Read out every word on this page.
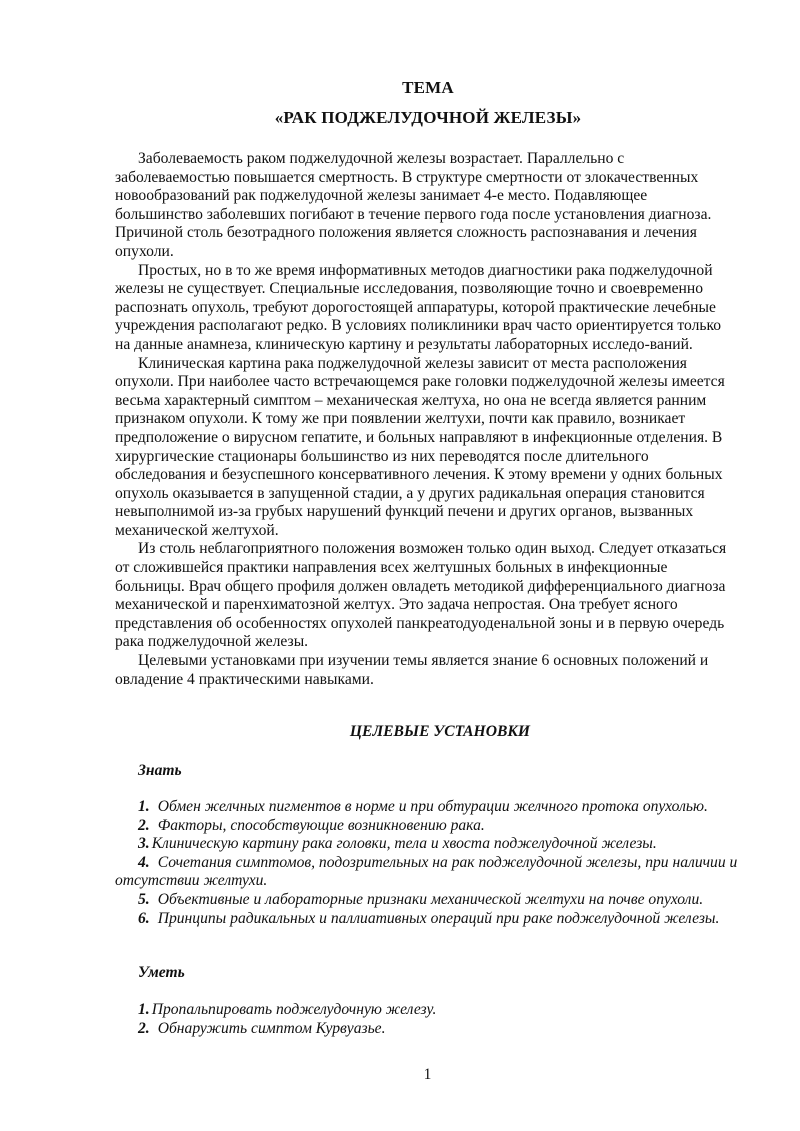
ТЕМА
«РАК ПОДЖЕЛУДОЧНОЙ ЖЕЛЕЗЫ»

Заболеваемость раком поджелудочной железы возрастает. Параллельно с заболеваемостью повышается смертность. В структуре смертности от злокачественных новообразований рак поджелудочной железы занимает 4-е место. Подавляющее большинство заболевших погибают в течение первого года после установления диагноза. Причиной столь безотрадного положения является сложность распознавания и лечения опухоли.

Простых, но в то же время информативных методов диагностики рака поджелудочной железы не существует. Специальные исследования, позволяющие точно и своевременно распознать опухоль, требуют дорогостоящей аппаратуры, которой практические лечебные учреждения располагают редко. В условиях поликлиники врач часто ориентируется только на данные анамнеза, клиническую картину и результаты лабораторных исследо-ваний.

Клиническая картина рака поджелудочной железы зависит от места расположения опухоли. При наиболее часто встречающемся раке головки поджелудочной железы имеется весьма характерный симптом – механическая желтуха, но она не всегда является ранним признаком опухоли. К тому же при появлении желтухи, почти как правило, возникает предположение о вирусном гепатите, и больных направляют в инфекционные отделения. В хирургические стационары большинство из них переводятся после длительного обследования и безуспешного консервативного лечения. К этому времени у одних больных опухоль оказывается в запущенной стадии, а у других радикальная операция становится невыполнимой из-за грубых нарушений функций печени и других органов, вызванных механической желтухой.

Из столь неблагоприятного положения возможен только один выход. Следует отказаться от сложившейся практики направления всех желтушных больных в инфекционные больницы. Врач общего профиля должен овладеть методикой дифференциального диагноза механической и паренхиматозной желтух. Это задача непростая. Она требует ясного представления об особенностях опухолей панкреатодуоденальной зоны и в первую очередь рака поджелудочной железы.

Целевыми установками при изучении темы является знание 6 основных положений и овладение 4 практическими навыками.

ЦЕЛЕВЫЕ УСТАНОВКИ
Знать

1. Обмен желчных пигментов в норме и при обтурации желчного протока опухолью.

2. Факторы, способствующие возникновению рака.

3. Клиническую картину рака головки, тела и хвоста поджелудочной железы.

4. Сочетания симптомов, подозрительных на рак поджелудочной железы, при наличии и отсутствии желтухи.

5. Объективные и лабораторные признаки механической желтухи на почве опухоли.

6. Принципы радикальных и паллиативных операций при раке поджелудочной железы.

Уметь

1. Пропальпировать поджелудочную железу.

2. Обнаружить симптом Курвуазье.

1
